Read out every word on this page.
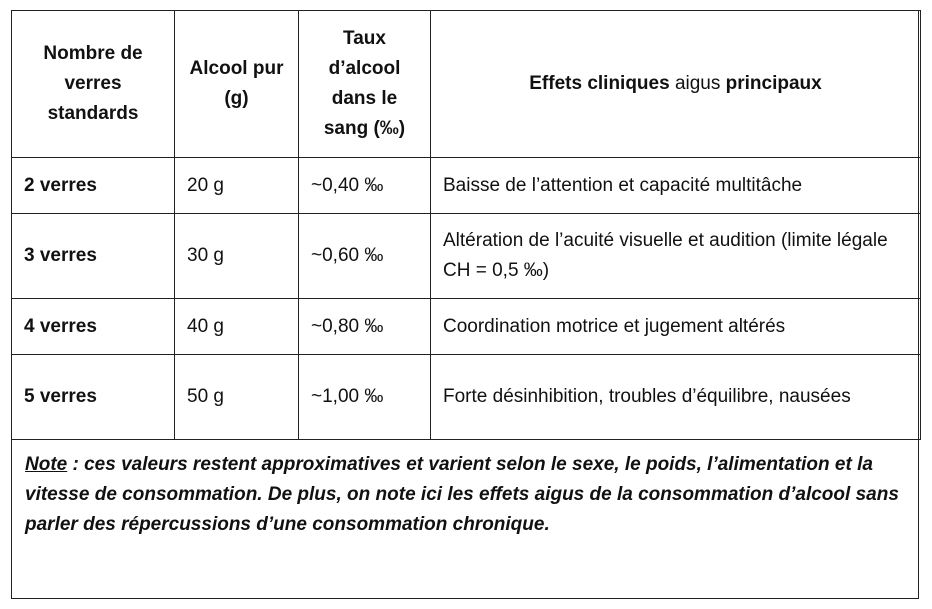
Nombre de verres standards	Alcool pur (g)	Taux d’alcool dans le sang (‰)	Effets cliniques aigus principaux
2 verres	20 g	~0,40 ‰	Baisse de l’attention et capacité multitâche
3 verres	30 g	~0,60 ‰	Altération de l’acuité visuelle et audition (limite légale CH = 0,5 ‰)
4 verres	40 g	~0,80 ‰	Coordination motrice et jugement altérés
5 verres	50 g	~1,00 ‰	Forte désinhibition, troubles d’équilibre, nausées
Note : ces valeurs restent approximatives et varient selon le sexe, le poids, l’alimentation et la vitesse de consommation. De plus, on note ici les effets aigus de la consommation d’alcool sans parler des répercussions d’une consommation chronique.
